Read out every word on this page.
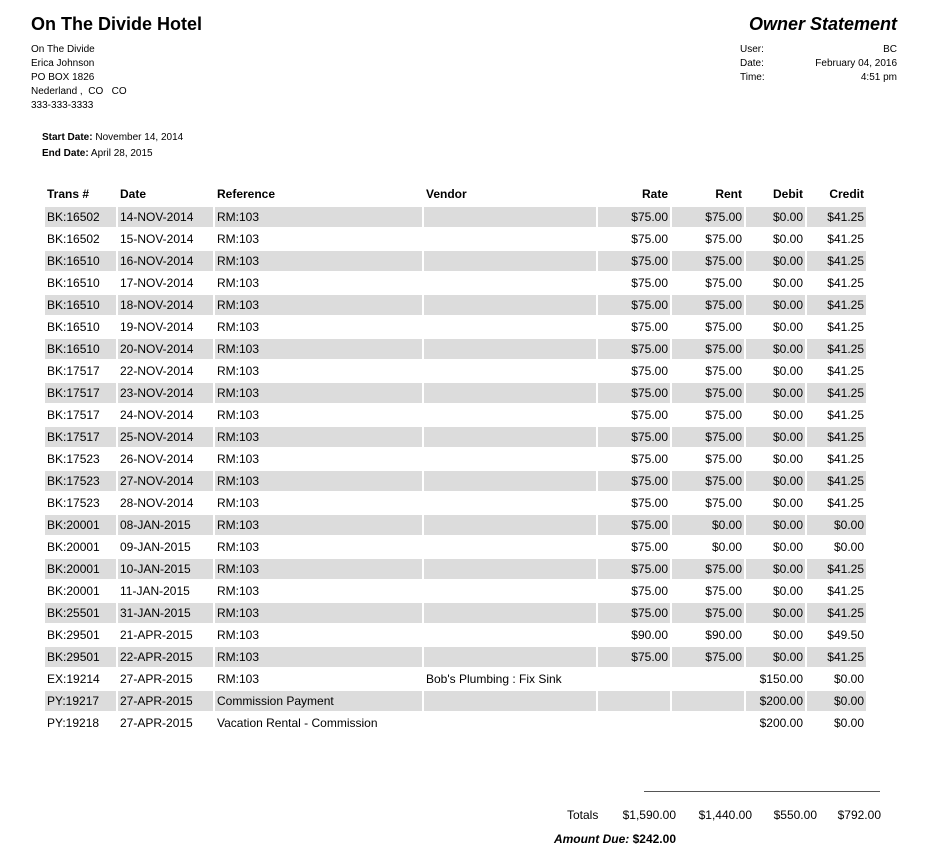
On The Divide Hotel	Owner Statement
On The Divide
Erica Johnson
PO BOX 1826
Nederland ,  CO   CO
333-333-3333
User:	BC
Date:	February 04, 2016
Time:	4:51 pm
Start Date: November 14, 2014
End Date: April 28, 2015
Trans #	Date	Reference	Vendor	Rate	Rent	Debit	Credit
BK:16502	14-NOV-2014	RM:103		$75.00	$75.00	$0.00	$41.25
BK:16502	15-NOV-2014	RM:103		$75.00	$75.00	$0.00	$41.25
BK:16510	16-NOV-2014	RM:103		$75.00	$75.00	$0.00	$41.25
BK:16510	17-NOV-2014	RM:103		$75.00	$75.00	$0.00	$41.25
BK:16510	18-NOV-2014	RM:103		$75.00	$75.00	$0.00	$41.25
BK:16510	19-NOV-2014	RM:103		$75.00	$75.00	$0.00	$41.25
BK:16510	20-NOV-2014	RM:103		$75.00	$75.00	$0.00	$41.25
BK:17517	22-NOV-2014	RM:103		$75.00	$75.00	$0.00	$41.25
BK:17517	23-NOV-2014	RM:103		$75.00	$75.00	$0.00	$41.25
BK:17517	24-NOV-2014	RM:103		$75.00	$75.00	$0.00	$41.25
BK:17517	25-NOV-2014	RM:103		$75.00	$75.00	$0.00	$41.25
BK:17523	26-NOV-2014	RM:103		$75.00	$75.00	$0.00	$41.25
BK:17523	27-NOV-2014	RM:103		$75.00	$75.00	$0.00	$41.25
BK:17523	28-NOV-2014	RM:103		$75.00	$75.00	$0.00	$41.25
BK:20001	08-JAN-2015	RM:103		$75.00	$0.00	$0.00	$0.00
BK:20001	09-JAN-2015	RM:103		$75.00	$0.00	$0.00	$0.00
BK:20001	10-JAN-2015	RM:103		$75.00	$75.00	$0.00	$41.25
BK:20001	11-JAN-2015	RM:103		$75.00	$75.00	$0.00	$41.25
BK:25501	31-JAN-2015	RM:103		$75.00	$75.00	$0.00	$41.25
BK:29501	21-APR-2015	RM:103		$90.00	$90.00	$0.00	$49.50
BK:29501	22-APR-2015	RM:103		$75.00	$75.00	$0.00	$41.25
EX:19214	27-APR-2015	RM:103	Bob's Plumbing : Fix Sink			$150.00	$0.00
PY:19217	27-APR-2015	Commission Payment				$200.00	$0.00
PY:19218	27-APR-2015	Vacation Rental - Commission				$200.00	$0.00
Totals $1,590.00 $1,440.00 $550.00 $792.00
Amount Due: $242.00
